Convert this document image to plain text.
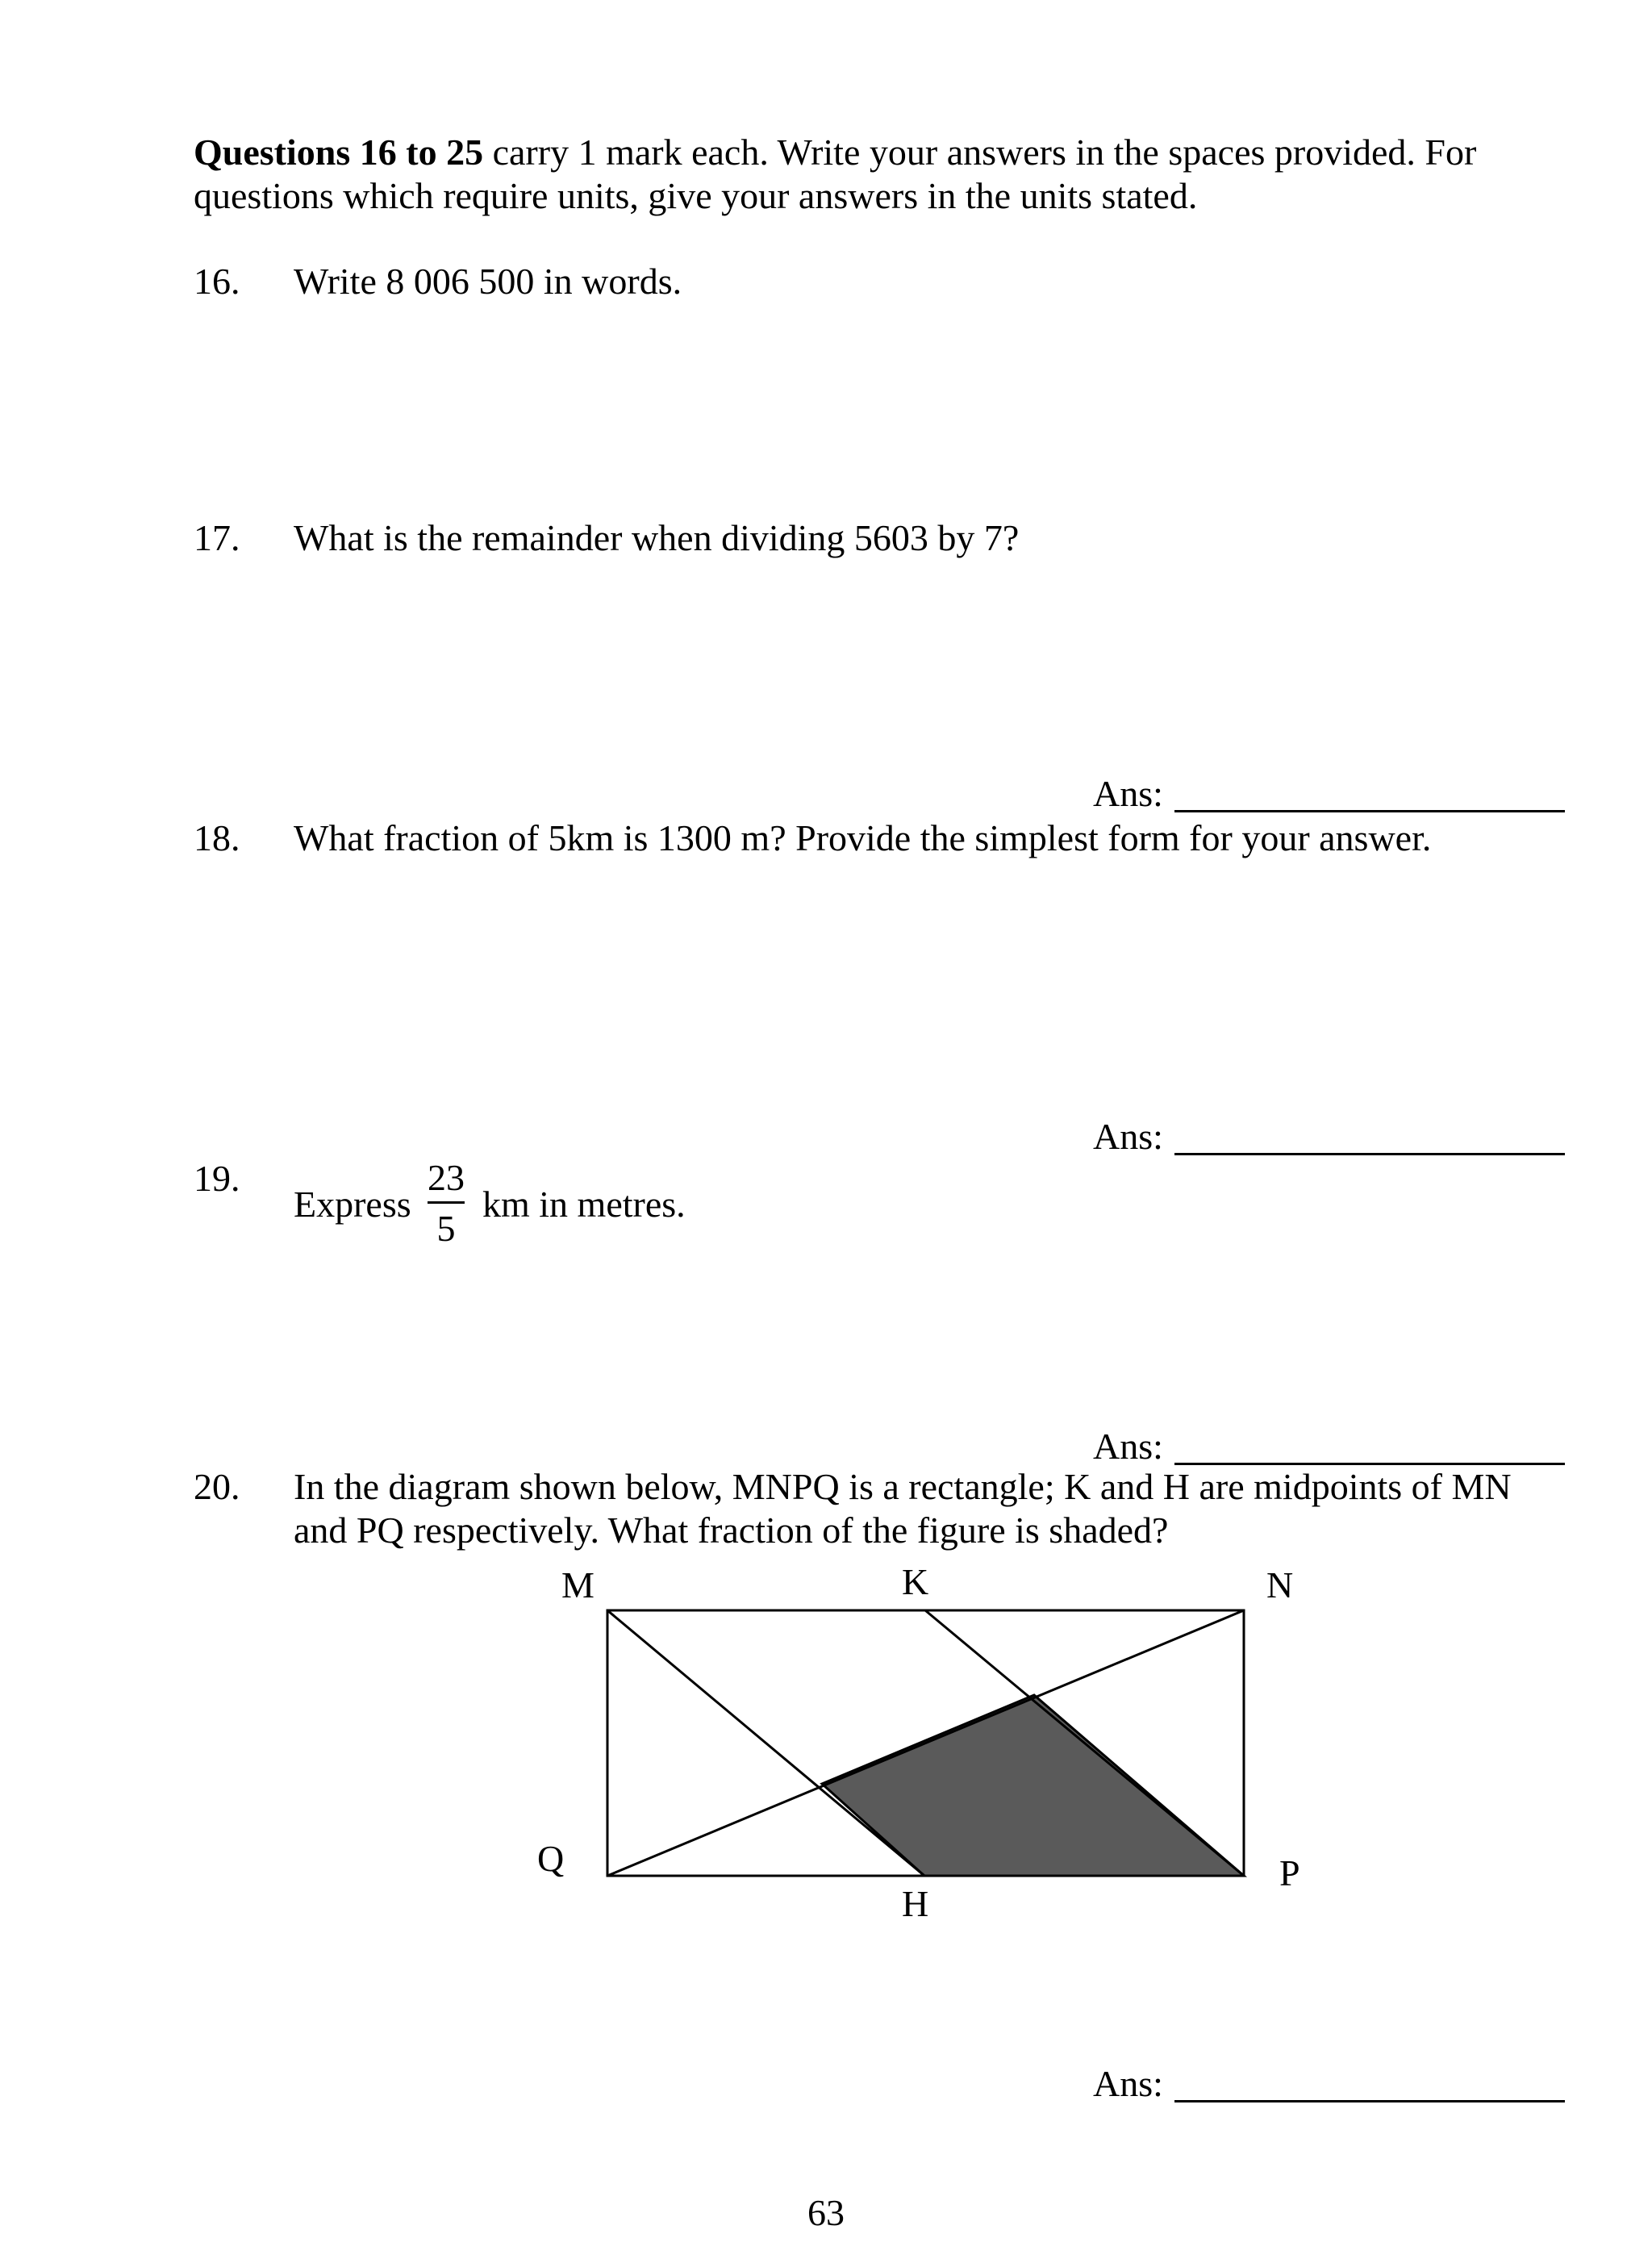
Questions 16 to 25 carry 1 mark each. Write your answers in the spaces provided. For questions which require units, give your answers in the units stated.
16. Write 8 006 500 in words.
17. What is the remainder when dividing 5603 by 7?
Ans:
18. What fraction of 5km is 1300 m? Provide the simplest form for your answer.
Ans:
19.
Express
23
5
km in metres.
Ans:
20. In the diagram shown below, MNPQ is a rectangle; K and H are midpoints of MN
and PQ respectively. What fraction of the figure is shaded?
M	K	N
Q
H
P
Ans:
63
